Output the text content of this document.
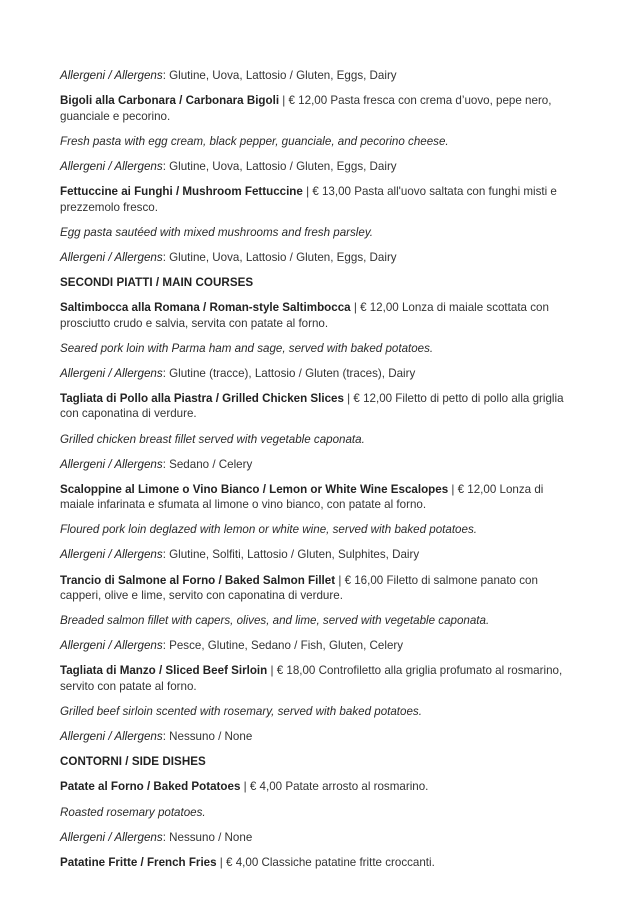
Allergeni / Allergens: Glutine, Uova, Lattosio / Gluten, Eggs, Dairy
Bigoli alla Carbonara / Carbonara Bigoli | € 12,00 Pasta fresca con crema d’uovo, pepe nero, guanciale e pecorino.
Fresh pasta with egg cream, black pepper, guanciale, and pecorino cheese.
Allergeni / Allergens: Glutine, Uova, Lattosio / Gluten, Eggs, Dairy
Fettuccine ai Funghi / Mushroom Fettuccine | € 13,00 Pasta all'uovo saltata con funghi misti e prezzemolo fresco.
Egg pasta sautéed with mixed mushrooms and fresh parsley.
Allergeni / Allergens: Glutine, Uova, Lattosio / Gluten, Eggs, Dairy
SECONDI PIATTI / MAIN COURSES
Saltimbocca alla Romana / Roman-style Saltimbocca | € 12,00 Lonza di maiale scottata con prosciutto crudo e salvia, servita con patate al forno.
Seared pork loin with Parma ham and sage, served with baked potatoes.
Allergeni / Allergens: Glutine (tracce), Lattosio / Gluten (traces), Dairy
Tagliata di Pollo alla Piastra / Grilled Chicken Slices | € 12,00 Filetto di petto di pollo alla griglia con caponatina di verdure.
Grilled chicken breast fillet served with vegetable caponata.
Allergeni / Allergens: Sedano / Celery
Scaloppine al Limone o Vino Bianco / Lemon or White Wine Escalopes | € 12,00 Lonza di maiale infarinata e sfumata al limone o vino bianco, con patate al forno.
Floured pork loin deglazed with lemon or white wine, served with baked potatoes.
Allergeni / Allergens: Glutine, Solfiti, Lattosio / Gluten, Sulphites, Dairy
Trancio di Salmone al Forno / Baked Salmon Fillet | € 16,00 Filetto di salmone panato con capperi, olive e lime, servito con caponatina di verdure.
Breaded salmon fillet with capers, olives, and lime, served with vegetable caponata.
Allergeni / Allergens: Pesce, Glutine, Sedano / Fish, Gluten, Celery
Tagliata di Manzo / Sliced Beef Sirloin | € 18,00 Controfiletto alla griglia profumato al rosmarino, servito con patate al forno.
Grilled beef sirloin scented with rosemary, served with baked potatoes.
Allergeni / Allergens: Nessuno / None
CONTORNI / SIDE DISHES
Patate al Forno / Baked Potatoes | € 4,00 Patate arrosto al rosmarino.
Roasted rosemary potatoes.
Allergeni / Allergens: Nessuno / None
Patatine Fritte / French Fries | € 4,00 Classiche patatine fritte croccanti.
